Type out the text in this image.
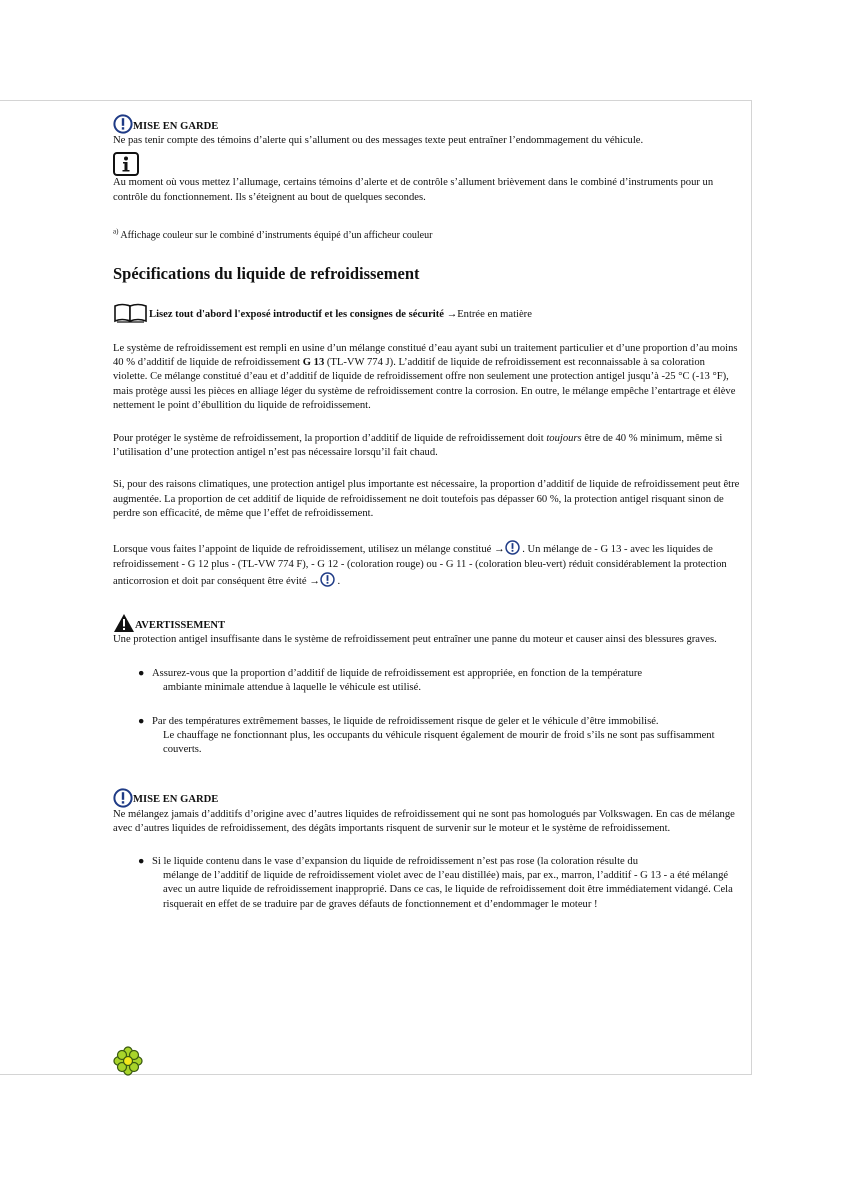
MISE EN GARDE

Ne pas tenir compte des témoins d’alerte qui s’allument ou des messages texte peut entraîner l’endommagement du véhicule.

Au moment où vous mettez l’allumage, certains témoins d’alerte et de contrôle s’allument brièvement dans le combiné d’instruments pour un contrôle du fonctionnement. Ils s’éteignent au bout de quelques secondes.

$^{a)}$ Affichage couleur sur le combiné d’instruments équipé d’un afficheur couleur

Spécifications du liquide de refroidissement
Lisez tout d'abord l'exposé introductif et les consignes de sécurité →Entrée en matière

Le système de refroidissement est rempli en usine d’un mélange constitué d’eau ayant subi un traitement particulier et d’une proportion d’au moins 40 % d’additif de liquide de refroidissement G 13 (TL-VW 774 J). L’additif de liquide de refroidissement est reconnaissable à sa coloration violette. Ce mélange constitué d’eau et d’additif de liquide de refroidissement offre non seulement une protection antigel jusqu’à -25 °C (-13 °F), mais protège aussi les pièces en alliage léger du système de refroidissement contre la corrosion. En outre, le mélange empêche l’entartrage et élève nettement le point d’ébullition du liquide de refroidissement.

Pour protéger le système de refroidissement, la proportion d’additif de liquide de refroidissement doit toujours être de 40 % minimum, même si l’utilisation d’une protection antigel n’est pas nécessaire lorsqu’il fait chaud.

Si, pour des raisons climatiques, une protection antigel plus importante est nécessaire, la proportion d’additif de liquide de refroidissement peut être augmentée. La proportion de cet additif de liquide de refroidissement ne doit toutefois pas dépasser 60 %, la protection antigel risquant sinon de perdre son efficacité, de même que l’effet de refroidissement.

Lorsque vous faites l’appoint de liquide de refroidissement, utilisez un mélange constitué → . Un mélange de - G 13 - avec les liquides de refroidissement - G 12 plus - (TL-VW 774 F), - G 12 - (coloration rouge) ou - G 11 - (coloration bleu-vert) réduit considérablement la protection anticorrosion et doit par conséquent être évité → .

AVERTISSEMENT

Une protection antigel insuffisante dans le système de refroidissement peut entraîner une panne du moteur et causer ainsi des blessures graves.

● Assurez-vous que la proportion d’additif de liquide de refroidissement est appropriée, en fonction de la température
ambiante minimale attendue à laquelle le véhicule est utilisé.
● Par des températures extrêmement basses, le liquide de refroidissement risque de geler et le véhicule d’être immobilisé.
Le chauffage ne fonctionnant plus, les occupants du véhicule risquent également de mourir de froid s’ils ne sont pas suffisamment couverts.
MISE EN GARDE

Ne mélangez jamais d’additifs d’origine avec d’autres liquides de refroidissement qui ne sont pas homologués par Volkswagen. En cas de mélange avec d’autres liquides de refroidissement, des dégâts importants risquent de survenir sur le moteur et le système de refroidissement.

● Si le liquide contenu dans le vase d’expansion du liquide de refroidissement n’est pas rose (la coloration résulte du
mélange de l’additif de liquide de refroidissement violet avec de l’eau distillée) mais, par ex., marron, l’additif - G 13 - a été mélangé avec un autre liquide de refroidissement inapproprié. Dans ce cas, le liquide de refroidissement doit être immédiatement vidangé. Cela risquerait en effet de se traduire par de graves défauts de fonctionnement et d’endommager le moteur !
